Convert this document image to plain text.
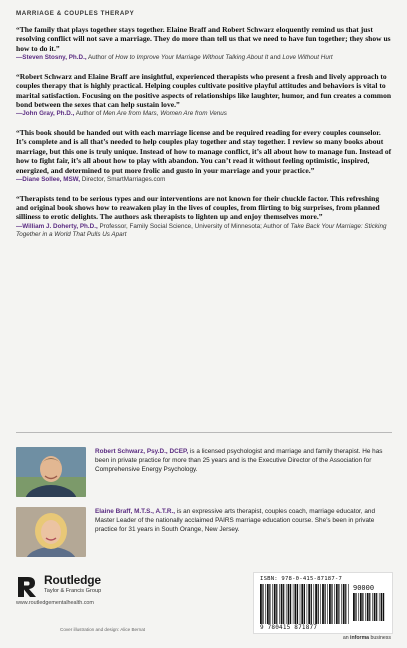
MARRIAGE & COUPLES THERAPY

“The family that plays together stays together. Elaine Braff and Robert Schwarz eloquently remind us that just resolving conflict will not save a marriage. They do more than tell us that we need to have fun together; they show us how to do it.”

—Steven Stosny, Ph.D., Author of How to Improve Your Marriage Without Talking About It and Love Without Hurt

“Robert Schwarz and Elaine Braff are insightful, experienced therapists who present a fresh and lively approach to couples therapy that is highly practical. Helping couples cultivate positive playful attitudes and behaviors is vital to marital satisfaction. Focusing on the positive aspects of relationships like laughter, humor, and fun creates a common bond between the sexes that can help sustain love.”

—John Gray, Ph.D., Author of Men Are from Mars, Women Are from Venus

“This book should be handed out with each marriage license and be required reading for every couples counselor. It’s complete and is all that’s needed to help couples play together and stay together. I review so many books about marriage, but this one is truly unique. Instead of how to manage conflict, it’s all about how to manage fun. Instead of how to fight fair, it’s all about how to play with abandon. You can’t read it without feeling optimistic, inspired, energized, and determined to put more frolic and gusto in your marriage and your practice.”

—Diane Sollee, MSW, Director, SmartMarriages.com

“Therapists tend to be serious types and our interventions are not known for their chuckle factor. This refreshing and original book shows how to reawaken play in the lives of couples, from flirting to big surprises, from planned silliness to erotic delights. The authors ask therapists to lighten up and enjoy themselves more.”

—William J. Doherty, Ph.D., Professor, Family Social Science, University of Minnesota; Author of Take Back Your Marriage: Sticking Together in a World That Pulls Us Apart

Robert Schwarz, Psy.D., DCEP, is a licensed psychologist and marriage and family therapist. He has been in private practice for more than 25 years and is the Executive Director of the Association for Comprehensive Energy Psychology.

Elaine Braff, M.T.S., A.T.R., is an expressive arts therapist, couples coach, marriage educator, and Master Leader of the nationally acclaimed PAIRS marriage education course. She’s been in private practice for 31 years in South Orange, New Jersey.

Routledge
Taylor & Francis Group
www.routledgementalhealth.com
Cover illustration and design: Alice Bernat
ISBN: 978-0-415-87187-7
90000
9 780415 871877
an informa business
